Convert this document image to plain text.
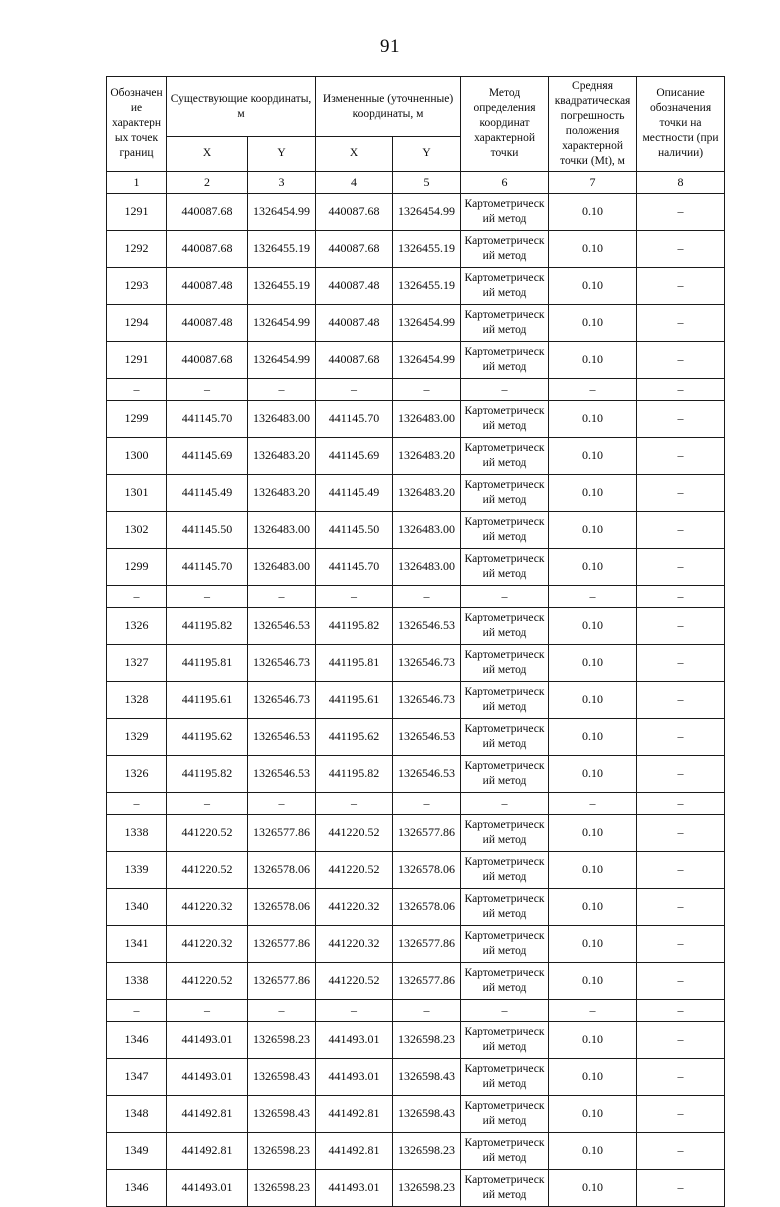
91
Обозначение характерных точек границ	Существующие координаты, м		Измененные (уточненные) координаты, м		Метод определения координат характерной точки	Средняя квадратическая погрешность положения характерной точки (Mt), м	Описание обозначения точки на местности (при наличии)
	X	Y	X	Y			
1	2	3	4	5	6	7	8
1291	440087.68	1326454.99	440087.68	1326454.99	Картометрический метод	0.10	–
1292	440087.68	1326455.19	440087.68	1326455.19	Картометрический метод	0.10	–
1293	440087.48	1326455.19	440087.48	1326455.19	Картометрический метод	0.10	–
1294	440087.48	1326454.99	440087.48	1326454.99	Картометрический метод	0.10	–
1291	440087.68	1326454.99	440087.68	1326454.99	Картометрический метод	0.10	–
–	–	–	–	–	–	–	–
1299	441145.70	1326483.00	441145.70	1326483.00	Картометрический метод	0.10	–
1300	441145.69	1326483.20	441145.69	1326483.20	Картометрический метод	0.10	–
1301	441145.49	1326483.20	441145.49	1326483.20	Картометрический метод	0.10	–
1302	441145.50	1326483.00	441145.50	1326483.00	Картометрический метод	0.10	–
1299	441145.70	1326483.00	441145.70	1326483.00	Картометрический метод	0.10	–
–	–	–	–	–	–	–	–
1326	441195.82	1326546.53	441195.82	1326546.53	Картометрический метод	0.10	–
1327	441195.81	1326546.73	441195.81	1326546.73	Картометрический метод	0.10	–
1328	441195.61	1326546.73	441195.61	1326546.73	Картометрический метод	0.10	–
1329	441195.62	1326546.53	441195.62	1326546.53	Картометрический метод	0.10	–
1326	441195.82	1326546.53	441195.82	1326546.53	Картометрический метод	0.10	–
–	–	–	–	–	–	–	–
1338	441220.52	1326577.86	441220.52	1326577.86	Картометрический метод	0.10	–
1339	441220.52	1326578.06	441220.52	1326578.06	Картометрический метод	0.10	–
1340	441220.32	1326578.06	441220.32	1326578.06	Картометрический метод	0.10	–
1341	441220.32	1326577.86	441220.32	1326577.86	Картометрический метод	0.10	–
1338	441220.52	1326577.86	441220.52	1326577.86	Картометрический метод	0.10	–
–	–	–	–	–	–	–	–
1346	441493.01	1326598.23	441493.01	1326598.23	Картометрический метод	0.10	–
1347	441493.01	1326598.43	441493.01	1326598.43	Картометрический метод	0.10	–
1348	441492.81	1326598.43	441492.81	1326598.43	Картометрический метод	0.10	–
1349	441492.81	1326598.23	441492.81	1326598.23	Картометрический метод	0.10	–
1346	441493.01	1326598.23	441493.01	1326598.23	Картометрический метод	0.10	–
